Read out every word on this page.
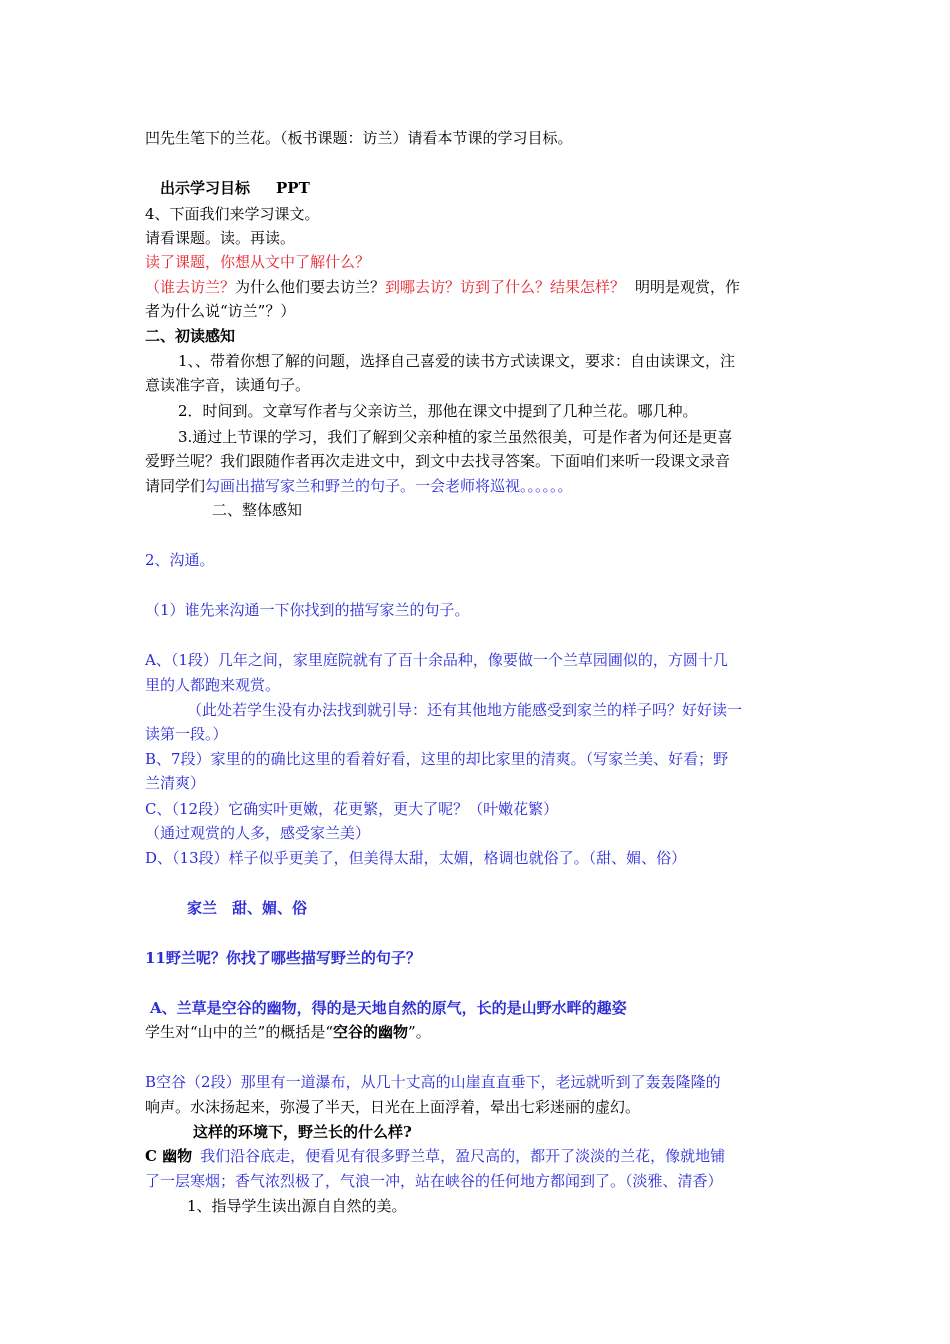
凹先生笔下的兰花。（板书课题：访兰）请看本节课的学习目标。
出示学习目标 PPT
4、下面我们来学习课文。
请看课题。读。再读。
读了课题，你想从文中了解什么？
（谁去访兰？为什么他们要去访兰？到哪去访？访到了什么？结果怎样？ 明明是观赏，作
者为什么说“访兰”？）
二、初读感知
1、、带着你想了解的问题，选择自己喜爱的读书方式读课文，要求：自由读课文，注
意读准字音，读通句子。
2．时间到。文章写作者与父亲访兰，那他在课文中提到了几种兰花。哪几种。
3.通过上节课的学习，我们了解到父亲种植的家兰虽然很美，可是作者为何还是更喜
爱野兰呢？我们跟随作者再次走进文中，到文中去找寻答案。下面咱们来听一段课文录音
请同学们勾画出描写家兰和野兰的句子。一会老师将巡视。。。。。。
二、整体感知
2、沟通。
（1）谁先来沟通一下你找到的描写家兰的句子。
A、（1段）几年之间，家里庭院就有了百十余品种，像要做一个兰草园圃似的，方圆十几
里的人都跑来观赏。
（此处若学生没有办法找到就引导：还有其他地方能感受到家兰的样子吗？好好读一
读第一段。）
B、7段）家里的的确比这里的看着好看，这里的却比家里的清爽。（写家兰美、好看；野
兰清爽）
C、（12段）它确实叶更嫩，花更繁，更大了呢？（叶嫩花繁）
（通过观赏的人多，感受家兰美）
D、（13段）样子似乎更美了，但美得太甜，太媚，格调也就俗了。（甜、媚、俗）
家兰　甜、媚、俗
11野兰呢？你找了哪些描写野兰的句子？
A、兰草是空谷的幽物，得的是天地自然的原气，长的是山野水畔的趣姿
学生对“山中的兰”的概括是“空谷的幽物”。
B空谷（2段）那里有一道瀑布，从几十丈高的山崖直直垂下，老远就听到了轰轰隆隆的
响声。水沫扬起来，弥漫了半天，日光在上面浮着，晕出七彩迷丽的虚幻。
这样的环境下，野兰长的什么样?
C 幽物 我们沿谷底走，便看见有很多野兰草，盈尺高的，都开了淡淡的兰花，像就地铺
了一层寒烟；香气浓烈极了，气浪一冲，站在峡谷的任何地方都闻到了。（淡雅、清香）
1、指导学生读出源自自然的美。
